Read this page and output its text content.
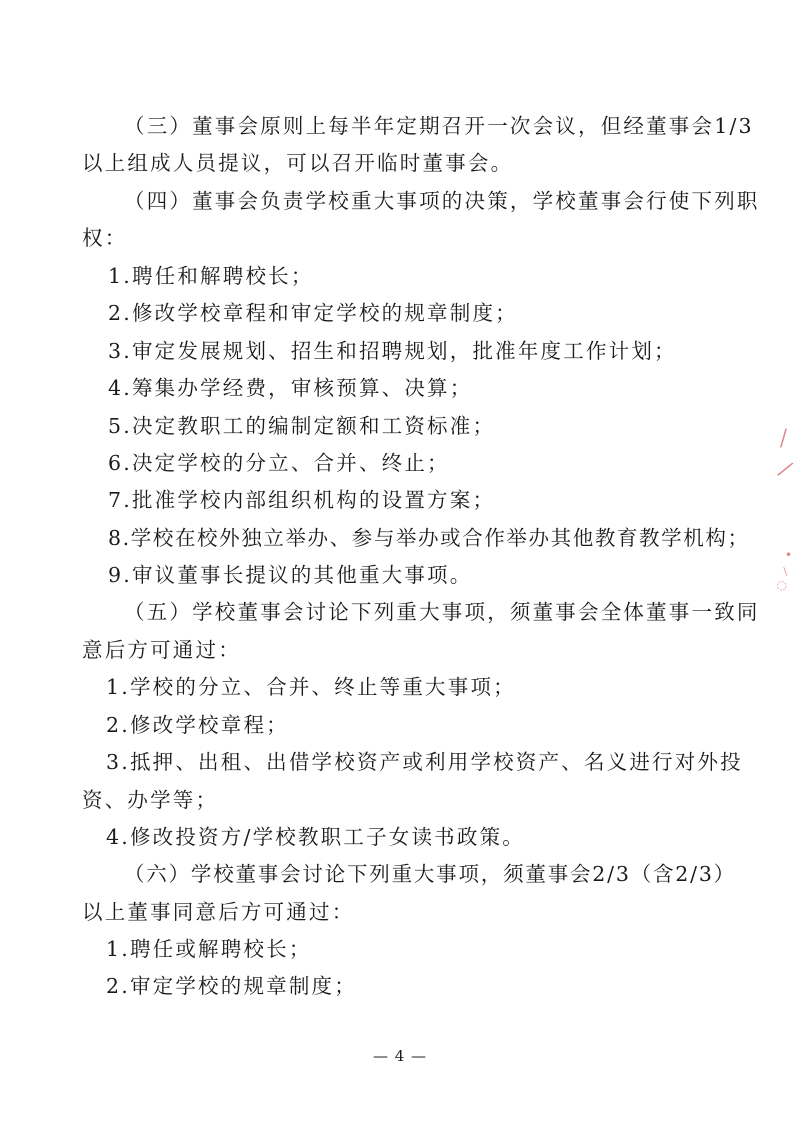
（三）董事会原则上每半年定期召开一次会议，但经董事会1/3
以上组成人员提议，可以召开临时董事会。
（四）董事会负责学校重大事项的决策，学校董事会行使下列职
权：
1.聘任和解聘校长；
2.修改学校章程和审定学校的规章制度；
3.审定发展规划、招生和招聘规划，批准年度工作计划；
4.筹集办学经费，审核预算、决算；
5.决定教职工的编制定额和工资标准；
6.决定学校的分立、合并、终止；
7.批准学校内部组织机构的设置方案；
8.学校在校外独立举办、参与举办或合作举办其他教育教学机构；
9.审议董事长提议的其他重大事项。
（五）学校董事会讨论下列重大事项，须董事会全体董事一致同
意后方可通过：
1.学校的分立、合并、终止等重大事项；
2.修改学校章程；
3.抵押、出租、出借学校资产或利用学校资产、名义进行对外投
资、办学等；
4.修改投资方/学校教职工子女读书政策。
（六）学校董事会讨论下列重大事项，须董事会2/3（含2/3）
以上董事同意后方可通过：
1.聘任或解聘校长；
2.审定学校的规章制度；
— 4 —
⁄
⁄
•
◌
—
